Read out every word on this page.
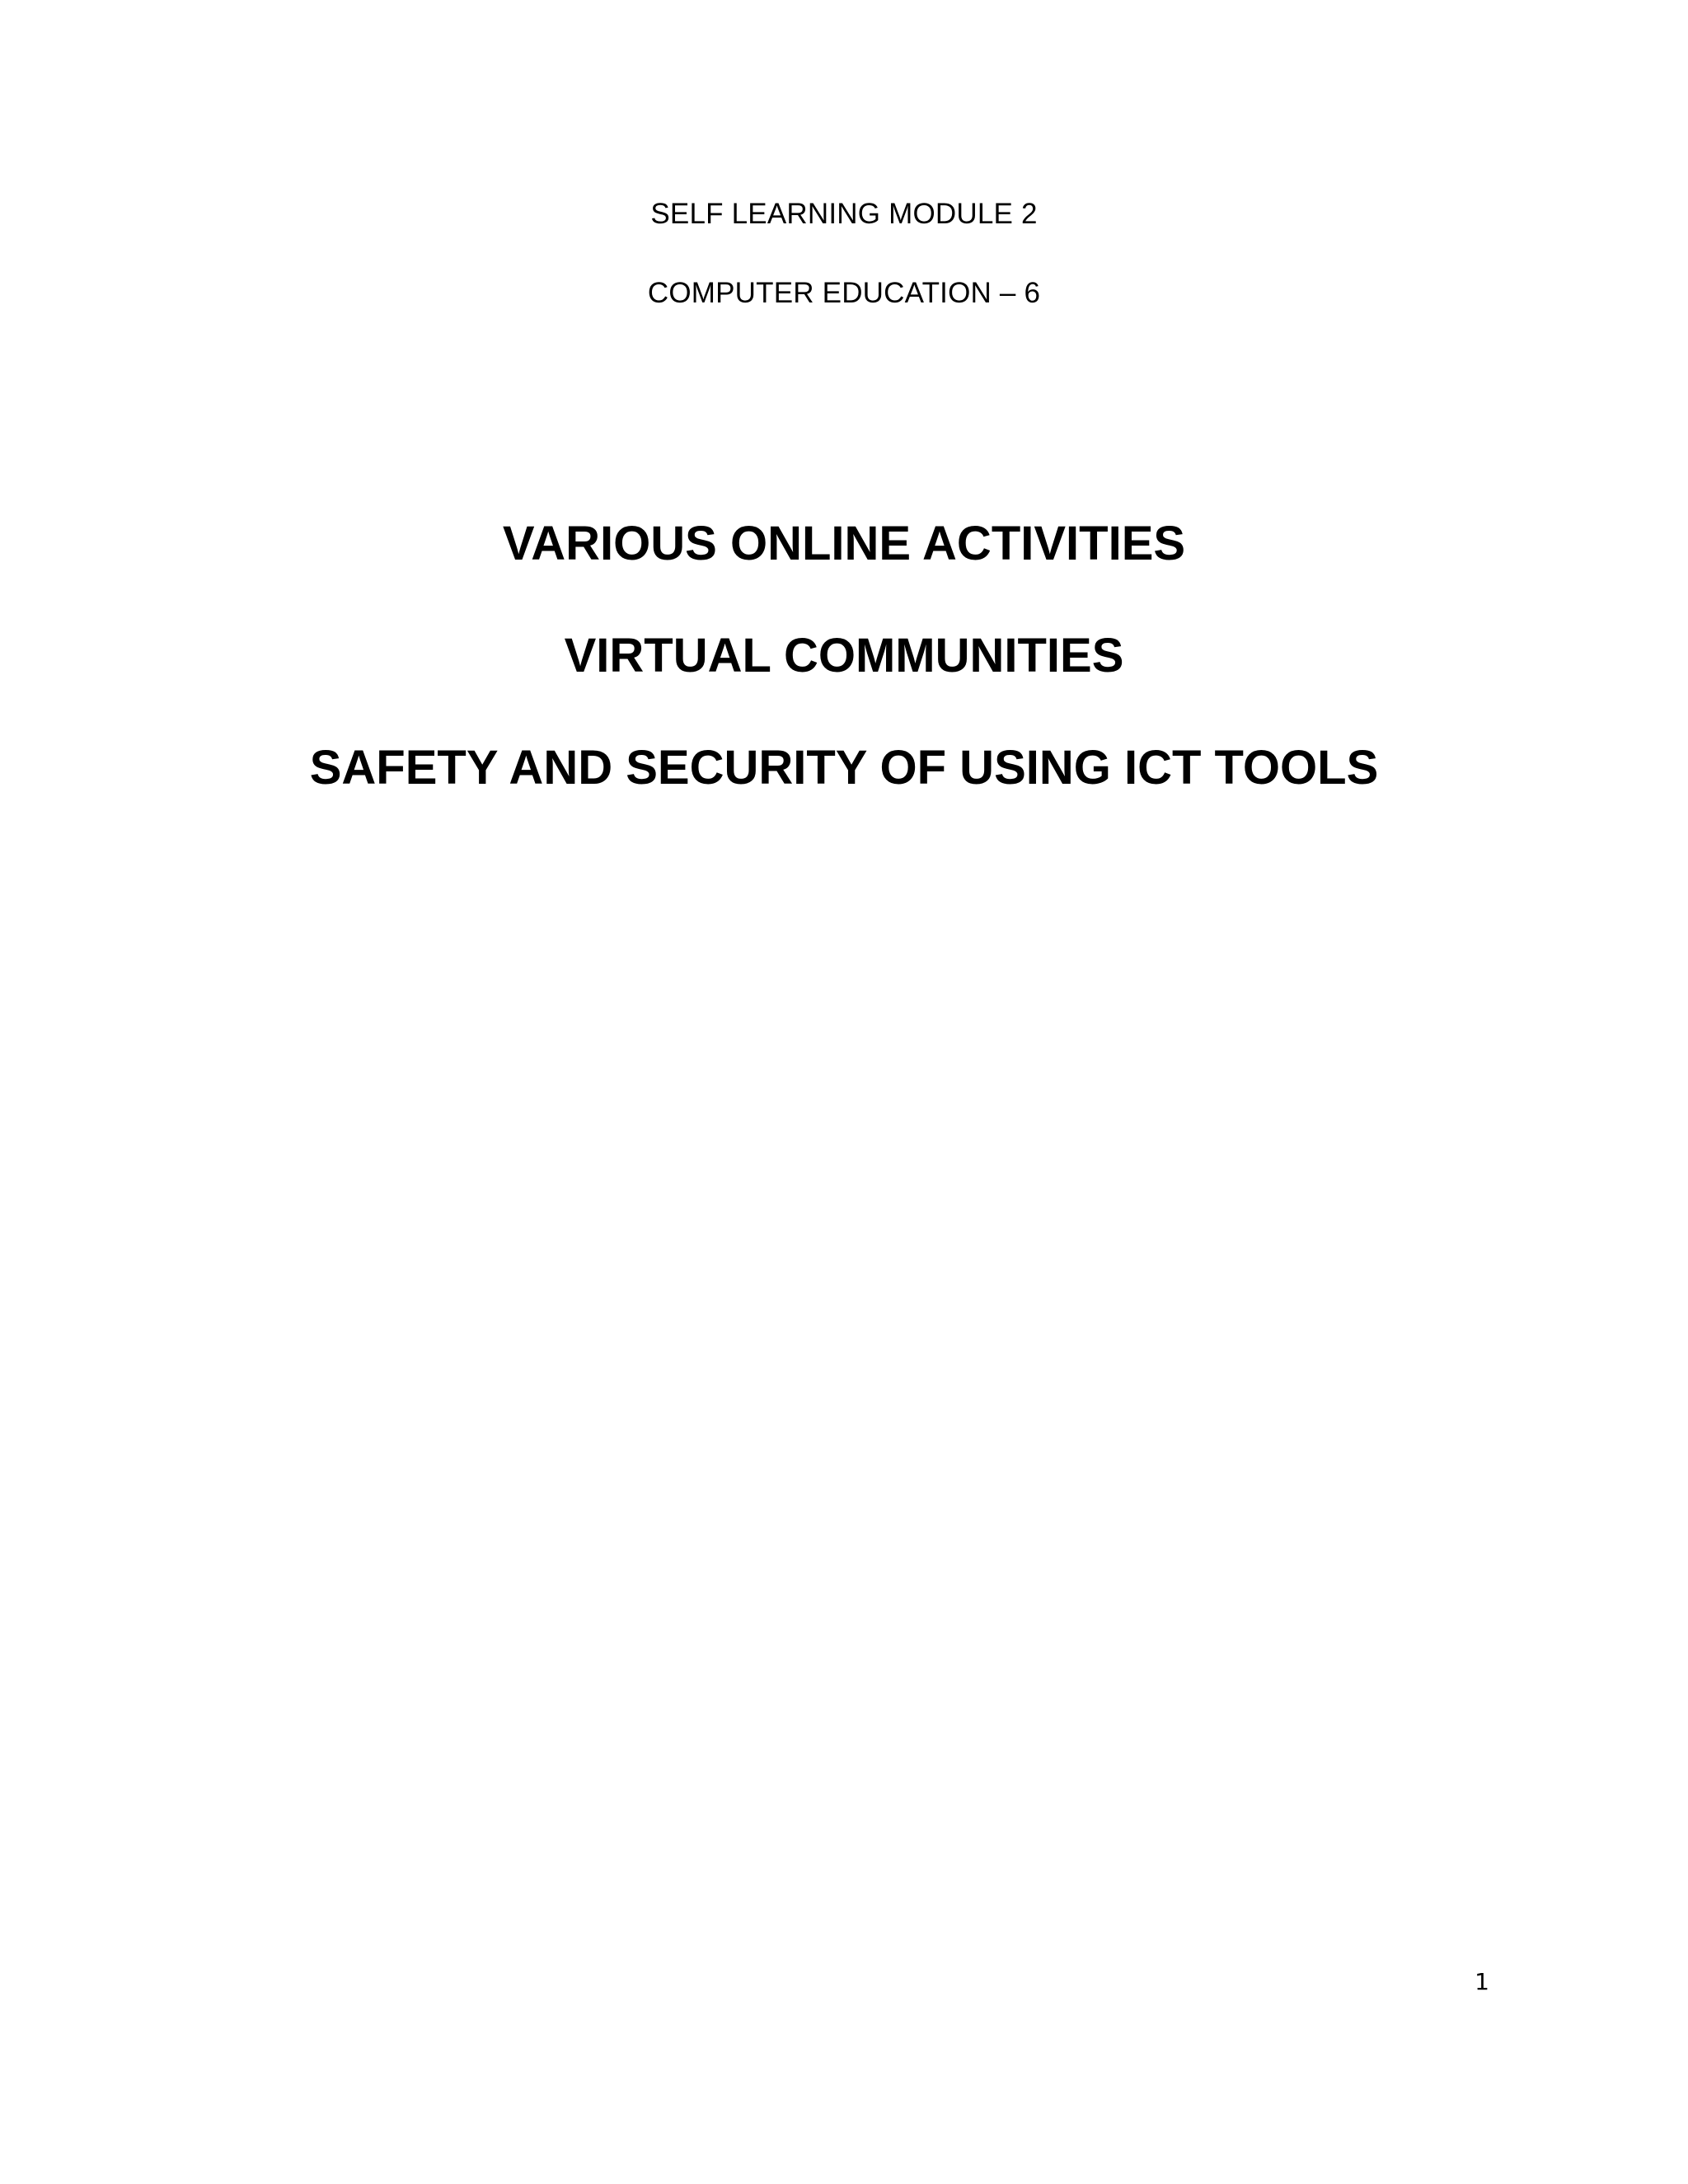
SELF LEARNING MODULE 2
COMPUTER EDUCATION – 6
VARIOUS ONLINE ACTIVITIES
VIRTUAL COMMUNITIES
SAFETY AND SECURITY OF USING ICT TOOLS
1
